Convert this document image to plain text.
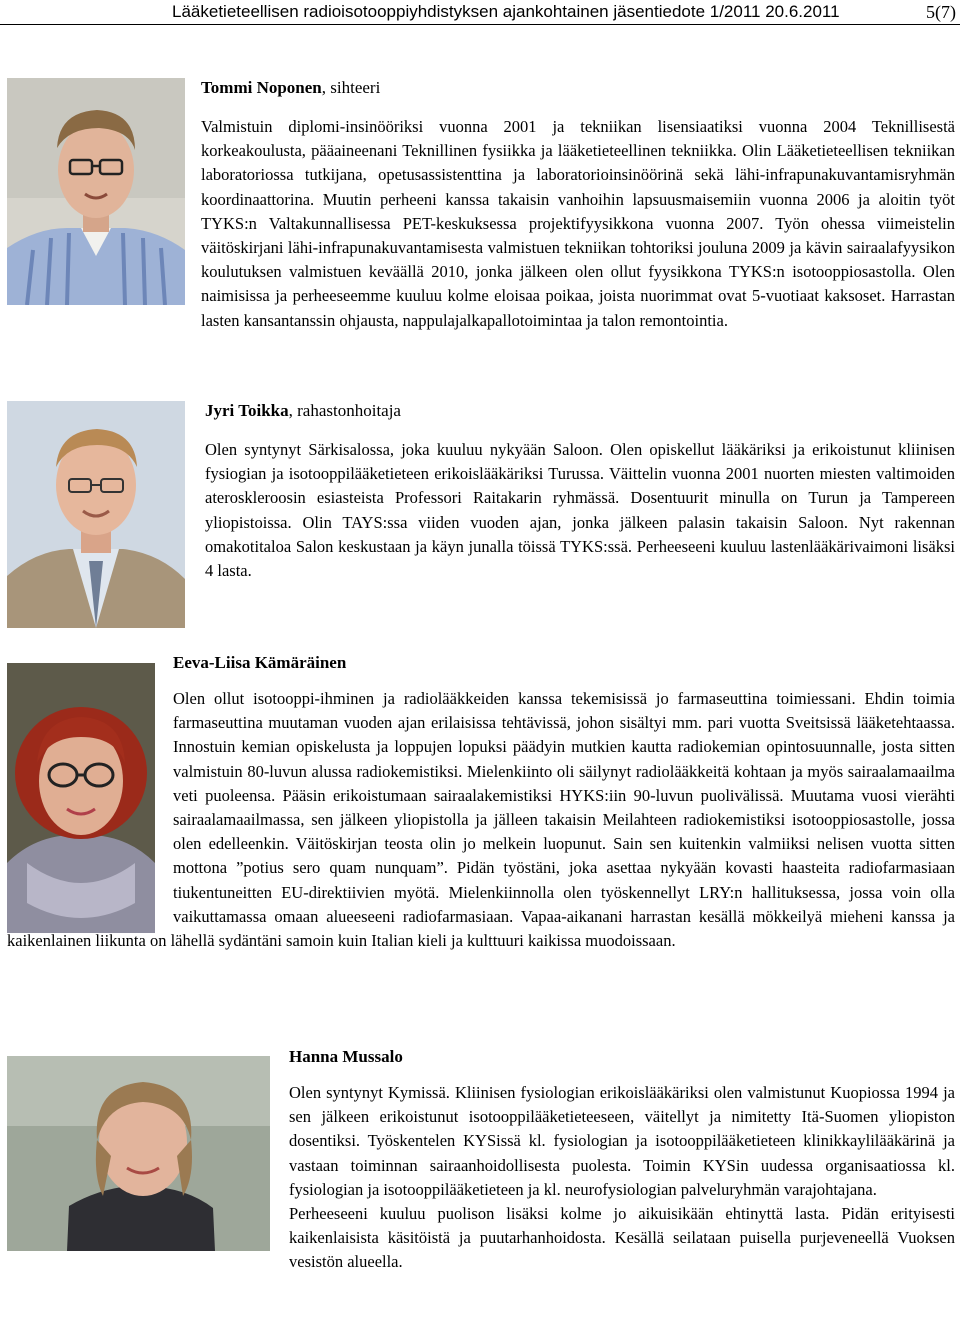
Lääketieteellisen radioisotooppiyhdistyksen ajankohtainen jäsentiedote 1/2011 20.6.2011	5(7)
Tommi Noponen, sihteeri

Valmistuin diplomi-insinööriksi vuonna 2001 ja tekniikan lisensiaatiksi vuonna 2004 Teknillisestä korkeakoulusta, pääaineenani Teknillinen fysiikka ja lääketieteellinen tekniikka. Olin Lääketieteellisen tekniikan laboratoriossa tutkijana, opetusassistenttina ja laboratorioinsinöörinä sekä lähi-infrapunakuvantamisryhmän koordinaattorina. Muutin perheeni kanssa takaisin vanhoihin lapsuusmaisemiin vuonna 2006 ja aloitin työt TYKS:n Valtakunnallisessa PET-keskuksessa projektifyysikkona vuonna 2007. Työn ohessa viimeistelin väitöskirjani lähi-infrapunakuvantamisesta valmistuen tekniikan tohtoriksi jouluna 2009 ja kävin sairaalafyysikon koulutuksen valmistuen keväällä 2010, jonka jälkeen olen ollut fyysikkona TYKS:n isotooppiosastolla. Olen naimisissa ja perheeseemme kuuluu kolme eloisaa poikaa, joista nuorimmat ovat 5-vuotiaat kaksoset. Harrastan lasten kansantanssin ohjausta, nappulajalkapallotoimintaa ja talon remontointia.

Jyri Toikka, rahastonhoitaja

Olen syntynyt Särkisalossa, joka kuuluu nykyään Saloon. Olen opiskellut lääkäriksi ja erikoistunut kliinisen fysiogian ja isotooppilääketieteen erikoislääkäriksi Turussa. Väittelin vuonna 2001 nuorten miesten valtimoiden ateroskleroosin esiasteista Professori Raitakarin ryhmässä. Dosentuurit minulla on Turun ja Tampereen yliopistoissa. Olin TAYS:ssa viiden vuoden ajan, jonka jälkeen palasin takaisin Saloon. Nyt rakennan omakotitaloa Salon keskustaan ja käyn junalla töissä TYKS:ssä. Perheeseeni kuuluu lastenlääkärivaimoni lisäksi 4 lasta.

Eeva-Liisa Kämäräinen

Olen ollut isotooppi-ihminen ja radiolääkkeiden kanssa tekemisissä jo farmaseuttina toimiessani. Ehdin toimia farmaseuttina muutaman vuoden ajan erilaisissa tehtävissä, johon sisältyi mm. pari vuotta Sveitsissä lääketehtaassa. Innostuin kemian opiskelusta ja loppujen lopuksi päädyin mutkien kautta radiokemian opintosuunnalle, josta sitten valmistuin 80-luvun alussa radiokemistiksi. Mielenkiinto oli säilynyt radiolääkkeitä kohtaan ja myös sairaalamaailma veti puoleensa. Pääsin erikoistumaan sairaalakemistiksi HYKS:iin 90-luvun puolivälissä. Muutama vuosi vierähti sairaalamaailmassa, sen jälkeen yliopistolla ja jälleen takaisin Meilahteen radiokemistiksi isotooppiosastolle, jossa olen edelleenkin. Väitöskirjan teosta olin jo melkein luopunut. Sain sen kuitenkin valmiiksi nelisen vuotta sitten mottona ”potius sero quam nunquam”. Pidän työstäni, joka asettaa nykyään kovasti haasteita radiofarmasiaan tiukentuneitten EU-direktiivien myötä. Mielenkiinnolla olen työskennellyt LRY:n hallituksessa, jossa voin olla vaikuttamassa omaan alueeseeni radiofarmasiaan. Vapaa-aikanani harrastan kesällä mökkeilyä mieheni kanssa ja kaikenlainen liikunta on lähellä sydäntäni samoin kuin Italian kieli ja kulttuuri kaikissa muodoissaan.

Hanna Mussalo

Olen syntynyt Kymissä. Kliinisen fysiologian erikoislääkäriksi olen valmistunut Kuopiossa 1994 ja sen jälkeen erikoistunut isotooppilääketieteeseen, väitellyt ja nimitetty Itä-Suomen yliopiston dosentiksi. Työskentelen KYSissä kl. fysiologian ja isotooppilääketieteen klinikkaylilääkärinä ja vastaan toiminnan sairaanhoidollisesta puolesta. Toimin KYSin uudessa organisaatiossa kl. fysiologian ja isotooppilääketieteen ja kl. neurofysiologian palveluryhmän varajohtajana.

Perheeseeni kuuluu puolison lisäksi kolme jo aikuisikään ehtinyttä lasta. Pidän erityisesti kaikenlaisista käsitöistä ja puutarhanhoidosta. Kesällä seilataan puisella purjeveneellä Vuoksen vesistön alueella.
